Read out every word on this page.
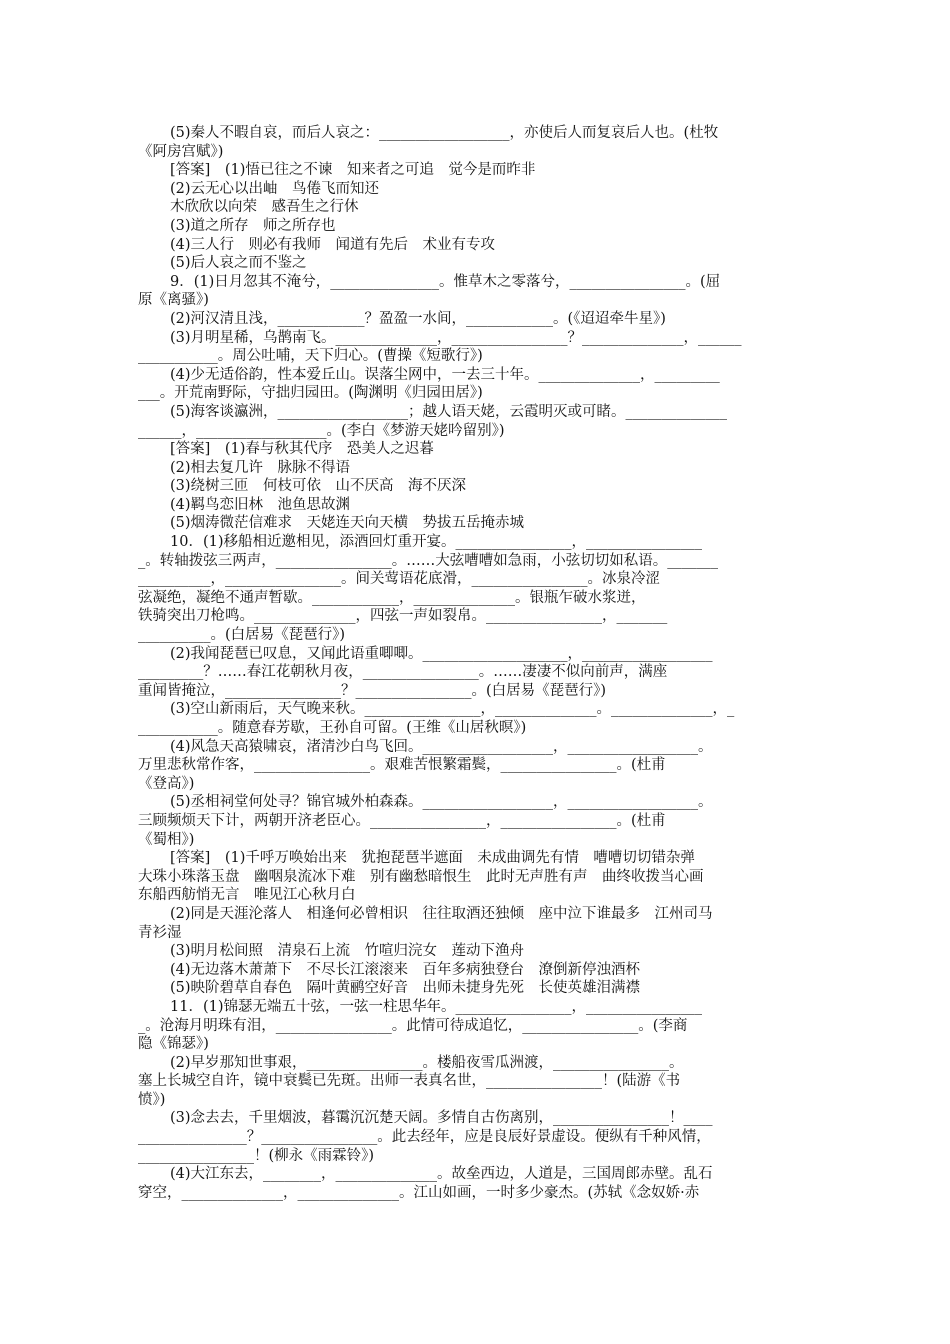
(5)秦人不暇自哀，而后人哀之：__________________，亦使后人而复哀后人也。(杜牧
《阿房宫赋》)
[答案]　(1)悟已往之不谏　知来者之可追　觉今是而昨非
(2)云无心以出岫　鸟倦飞而知还
木欣欣以向荣　感吾生之行休
(3)道之所存　师之所存也
(4)三人行　则必有我师　闻道有先后　术业有专攻
(5)后人哀之而不鉴之
9．(1)日月忽其不淹兮，_______________。惟草木之零落兮，________________。(屈
原《离骚》)
(2)河汉清且浅，____________？盈盈一水间，____________。(《迢迢牵牛星》)
(3)月明星稀，乌鹊南飞。______________，________________？______________，______
___________。周公吐哺，天下归心。(曹操《短歌行》)
(4)少无适俗韵，性本爱丘山。误落尘网中，一去三十年。______________，_________
___。开荒南野际，守拙归园田。(陶渊明《归园田居》)
(5)海客谈瀛洲，__________________；越人语天姥，云霞明灭或可睹。______________
______，__________________。(李白《梦游天姥吟留别》)
[答案]　(1)春与秋其代序　恐美人之迟暮
(2)相去复几许　脉脉不得语
(3)绕树三匝　何枝可依　山不厌高　海不厌深
(4)羁鸟恋旧林　池鱼思故渊
(5)烟涛微茫信难求　天姥连天向天横　势拔五岳掩赤城
10．(1)移船相近邀相见，添酒回灯重开宴。________________，________________
_。转轴拨弦三两声，________________。……大弦嘈嘈如急雨，小弦切切如私语。_______
__________，________________。间关莺语花底滑，________________。冰泉冷涩
弦凝绝，凝绝不通声暂歇。____________，______________。银瓶乍破水浆迸，
铁骑突出刀枪鸣。______________，四弦一声如裂帛。________________，_______
__________。(白居易《琵琶行》)
(2)我闻琵琶已叹息，又闻此语重唧唧。____________________，__________________
_________？……春江花朝秋月夜，________________。……凄凄不似向前声，满座
重闻皆掩泣，________________？________________。(白居易《琵琶行》)
(3)空山新雨后，天气晚来秋。________________，______________。______________，_
___________。随意春芳歇，王孙自可留。(王维《山居秋暝》)
(4)风急天高猿啸哀，渚清沙白鸟飞回。__________________，__________________。
万里悲秋常作客，________________。艰难苦恨繁霜鬓，________________。(杜甫
《登高》)
(5)丞相祠堂何处寻？锦官城外柏森森。__________________，__________________。
三顾频烦天下计，两朝开济老臣心。________________，________________。(杜甫
《蜀相》)
[答案]　(1)千呼万唤始出来　犹抱琵琶半遮面　未成曲调先有情　嘈嘈切切错杂弹
大珠小珠落玉盘　幽咽泉流冰下难　别有幽愁暗恨生　此时无声胜有声　曲终收拨当心画
东船西舫悄无言　唯见江心秋月白
(2)同是天涯沦落人　相逢何必曾相识　往往取酒还独倾　座中泣下谁最多　江州司马
青衫湿
(3)明月松间照　清泉石上流　竹喧归浣女　莲动下渔舟
(4)无边落木萧萧下　不尽长江滚滚来　百年多病独登台　潦倒新停浊酒杯
(5)映阶碧草自春色　隔叶黄鹂空好音　出师未捷身先死　长使英雄泪满襟
11．(1)锦瑟无端五十弦，一弦一柱思华年。________________，________________
_。沧海月明珠有泪，________________。此情可待成追忆，________________。(李商
隐《锦瑟》)
(2)早岁那知世事艰，________________。楼船夜雪瓜洲渡，________________。
塞上长城空自许，镜中衰鬓已先斑。出师一表真名世，________________！(陆游《书
愤》)
(3)念去去，千里烟波，暮霭沉沉楚天阔。多情自古伤离别，________________！____
_______________？________________。此去经年，应是良辰好景虚设。便纵有千种风情，
________________！(柳永《雨霖铃》)
(4)大江东去，________，______________。故垒西边，人道是，三国周郎赤壁。乱石
穿空，______________，______________。江山如画，一时多少豪杰。(苏轼《念奴娇·赤
